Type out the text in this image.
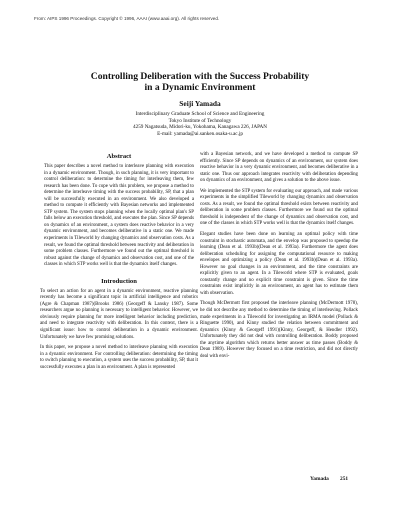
From: AIPS 1996 Proceedings. Copyright © 1996, AAAI (www.aaai.org). All rights reserved.
Controlling Deliberation with the Success Probability
in a Dynamic Environment
Seiji Yamada
Interdisciplinary Graduate School of Science and Engineering
Tokyo Institute of Technology
4259 Nagatsuda, Midori-ku, Yokohama, Kanagawa 226, JAPAN
E-mail: yamada@ai.sanken.osaka-u.ac.jp
Abstract

This paper describes a novel method to interleave planning with execution in a dynamic environment. Though, in such planning, it is very important to control deliberation: to determine the timing for interleaving them, few research has been done. To cope with this problem, we propose a method to determine the interleave timing with the success probability, SP, that a plan will be successfully executed in an environment. We also developed a method to compute it efficiently with Bayesian networks and implemented STP system. The system stops planning when the locally optimal plan's SP falls below an execution threshold, and executes the plan. Since SP depends on dynamics of an environment, a system does reactive behavior in a very dynamic environment, and becomes deliberative in a static one. We made experiments in Tileworld by changing dynamics and observation costs. As a result, we found the optimal threshold between reactivity and deliberation in some problem classes. Furthermore we found out the optimal threshold is robust against the change of dynamics and observation cost, and one of the classes in which STP works well is that the dynamics itself changes.

Introduction

To select an action for an agent in a dynamic environment, reactive planning recently has become a significant topic in artificial intelligence and robotics (Agre & Chapman 1987)(Brooks 1986) (Georgeff & Lansky 1987). Some researchers argue no planning is necessary to intelligent behavior. However, we obviously require planning for more intelligent behavior including prediction, and need to integrate reactivity with deliberation. In this context, there is a significant issue: how to control deliberation in a dynamic environment. Unfortunately we have few promising solutions.

In this paper, we propose a novel method to interleave planning with execution in a dynamic environment. For controlling deliberation: determining the timing to switch planning to execution, a system uses the success probability, SP, that it successfully executes a plan in an environment. A plan is represented

with a Bayesian network, and we have developed a method to compute SP efficiently. Since SP depends on dynamics of an environment, our system does reactive behavior in a very dynamic environment, and becomes deliberative in a static one. Thus our approach integrates reactivity with deliberation depending on dynamics of an environment, and gives a solution to the above issue.

We implemented the STP system for evaluating our approach, and made various experiments in the simplified Tileworld by changing dynamics and observation costs. As a result, we found the optimal threshold exists between reactivity and deliberation in some problem classes. Furthermore we found out the optimal threshold is independent of the change of dynamics and observation cost, and one of the classes in which STP works well is that the dynamics itself changes.

Elegant studies have been done on learning an optimal policy with time constraint in stochastic automata, and the envelop was proposed to speedup the learning (Dean et al. 1993b)(Dean et al. 1993a). Furthermore the agent does deliberation scheduling for assigning the computational resource to making envelopes and optimizing a policy (Dean et al. 1993b)(Dean et al. 1993a). However no goal changes in an environment, and the time constraints are explicitly given to an agent. In a Tileworld where STP is evaluated, goals constantly change and no explicit time constraint is given. Since the time constraints exist implicitly in an environment, an agent has to estimate them with observation.

Though McDermott first proposed the interleave planning (McDermott 1978), he did not describe any method to determine the timing of interleaving. Pollack made experiments in a Tileworld for investigating an IRMA model (Pollack & Ringuette 1990), and Kinny studied the relation between commitment and dynamics (Kinny & Georgeff 1991)(Kinny, Georgeff, & Hendler 1992). Unfortunately they did not deal with controlling deliberation. Boddy proposed the anytime algorithm which returns better answer as time passes (Boddy & Dean 1989). However they focused on a time restriction, and did not directly deal with envi-

Yamada 251
